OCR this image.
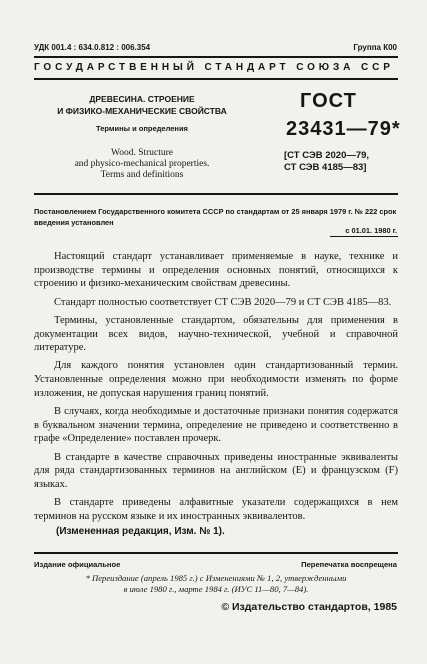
УДК 001.4 : 634.0.812 : 006.354	Группа К00
ГОСУДАРСТВЕННЫЙ СТАНДАРТ СОЮЗА ССР
ДРЕВЕСИНА. СТРОЕНИЕ
И ФИЗИКО-МЕХАНИЧЕСКИЕ СВОЙСТВА
Термины и определения
Wood. Structure
and physico-mechanical properties.
Terms and definitions
ГОСТ
23431—79*
[СТ СЭВ 2020—79,
СТ СЭВ 4185—83]
Постановлением Государственного комитета СССР по стандартам от 25 января 1979 г. № 222 срок введения установлен
с 01.01. 1980 г.

Настоящий стандарт устанавливает применяемые в науке, технике и производстве термины и определения основных понятий, относящихся к строению и физико-механическим свойствам древесины.

Стандарт полностью соответствует СТ СЭВ 2020—79 и СТ СЭВ 4185—83.

Термины, установленные стандартом, обязательны для применения в документации всех видов, научно-технической, учебной и справочной литературе.

Для каждого понятия установлен один стандартизованный термин. Установленные определения можно при необходимости изменять по форме изложения, не допуская нарушения границ понятий.

В случаях, когда необходимые и достаточные признаки понятия содержатся в буквальном значении термина, определение не приведено и соответственно в графе «Определение» поставлен прочерк.

В стандарте в качестве справочных приведены иностранные эквиваленты для ряда стандартизованных терминов на английском (Е) и французском (F) языках.

В стандарте приведены алфавитные указатели содержащихся в нем терминов на русском языке и их иностранных эквивалентов.

(Измененная редакция, Изм. № 1).
Издание официальное	Перепечатка воспрещена
* Переиздание (апрель 1985 г.) с Изменениями № 1, 2, утвержденными
в июле 1980 г., марте 1984 г. (ИУС 11—80, 7—84).
© Издательство стандартов, 1985
